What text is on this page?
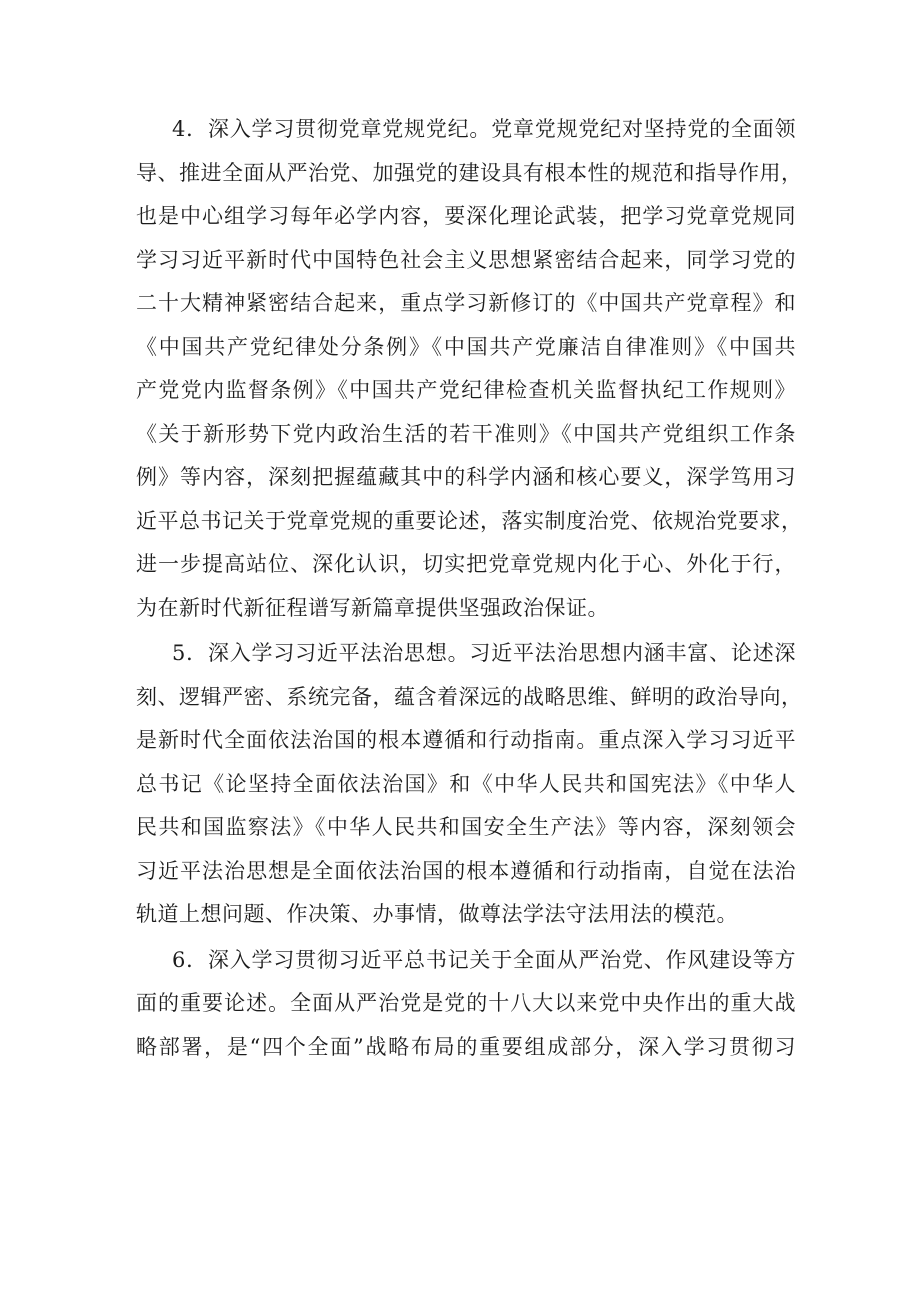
4．深入学习贯彻党章党规党纪。党章党规党纪对坚持党的全面领
导、推进全面从严治党、加强党的建设具有根本性的规范和指导作用，
也是中心组学习每年必学内容，要深化理论武装，把学习党章党规同
学习习近平新时代中国特色社会主义思想紧密结合起来，同学习党的
二十大精神紧密结合起来，重点学习新修订的《中国共产党章程》和
《中国共产党纪律处分条例》《中国共产党廉洁自律准则》《中国共
产党党内监督条例》《中国共产党纪律检查机关监督执纪工作规则》
《关于新形势下党内政治生活的若干准则》《中国共产党组织工作条
例》等内容，深刻把握蕴藏其中的科学内涵和核心要义，深学笃用习
近平总书记关于党章党规的重要论述，落实制度治党、依规治党要求，
进一步提高站位、深化认识，切实把党章党规内化于心、外化于行，
为在新时代新征程谱写新篇章提供坚强政治保证。
5．深入学习习近平法治思想。习近平法治思想内涵丰富、论述深
刻、逻辑严密、系统完备，蕴含着深远的战略思维、鲜明的政治导向，
是新时代全面依法治国的根本遵循和行动指南。重点深入学习习近平
总书记《论坚持全面依法治国》和《中华人民共和国宪法》《中华人
民共和国监察法》《中华人民共和国安全生产法》等内容，深刻领会
习近平法治思想是全面依法治国的根本遵循和行动指南，自觉在法治
轨道上想问题、作决策、办事情，做尊法学法守法用法的模范。
6．深入学习贯彻习近平总书记关于全面从严治党、作风建设等方
面的重要论述。全面从严治党是党的十八大以来党中央作出的重大战
略部署，是“四个全面”战略布局的重要组成部分，深入学习贯彻习
